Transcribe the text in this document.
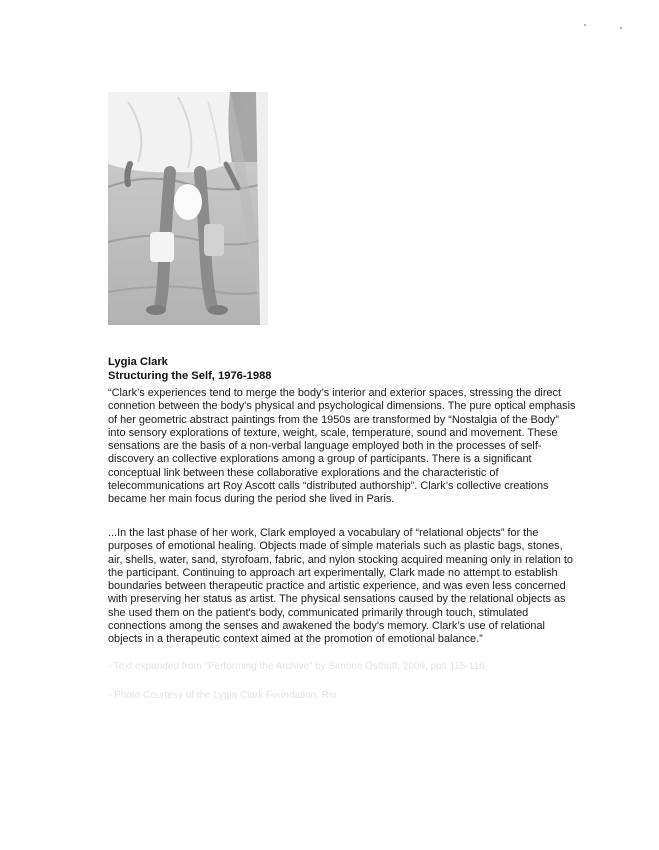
Lygia Clark
Structuring the Self, 1976-1988
“Clark’s experiences tend to merge the body’s interior and exterior spaces, stressing the direct
connetion between the body's physical and psychological dimensions. The pure optical emphasis
of her geometric abstract paintings from the 1950s are transformed by “Nostalgia of the Body”
into sensory explorations of texture, weight, scale, temperature, sound and movement. These
sensations are the basis of a non-verbal language employed both in the processes of self-
discovery an collective explorations among a group of participants. There is a significant
conceptual link between these collaborative explorations and the characteristic of
telecommunications art Roy Ascott calls “distributed authorship”. Clark’s collective creations
became her main focus during the period she lived in Paris.
...In the last phase of her work, Clark employed a vocabulary of “relational objects” for the
purposes of emotional healing. Objects made of simple materials such as plastic bags, stones,
air, shells, water, sand, styrofoam, fabric, and nylon stocking acquired meaning only in relation to
the participant. Continuing to approach art experimentally, Clark made no attempt to establish
boundaries between therapeutic practice and artistic experience, and was even less concerned
with preserving her status as artist. The physical sensations caused by the relational objects as
she used them on the patient's body, communicated primarily through touch, stimulated
connections among the senses and awakened the body's memory. Clark’s use of relational
objects in a therapeutic context aimed at the promotion of emotional balance.”
- Text expanded from “Performing the Archive” by Simone Osthoff, 2009, pps 115-116
- Photo Courtesy of the Lygia Clark Foundation, Rio
